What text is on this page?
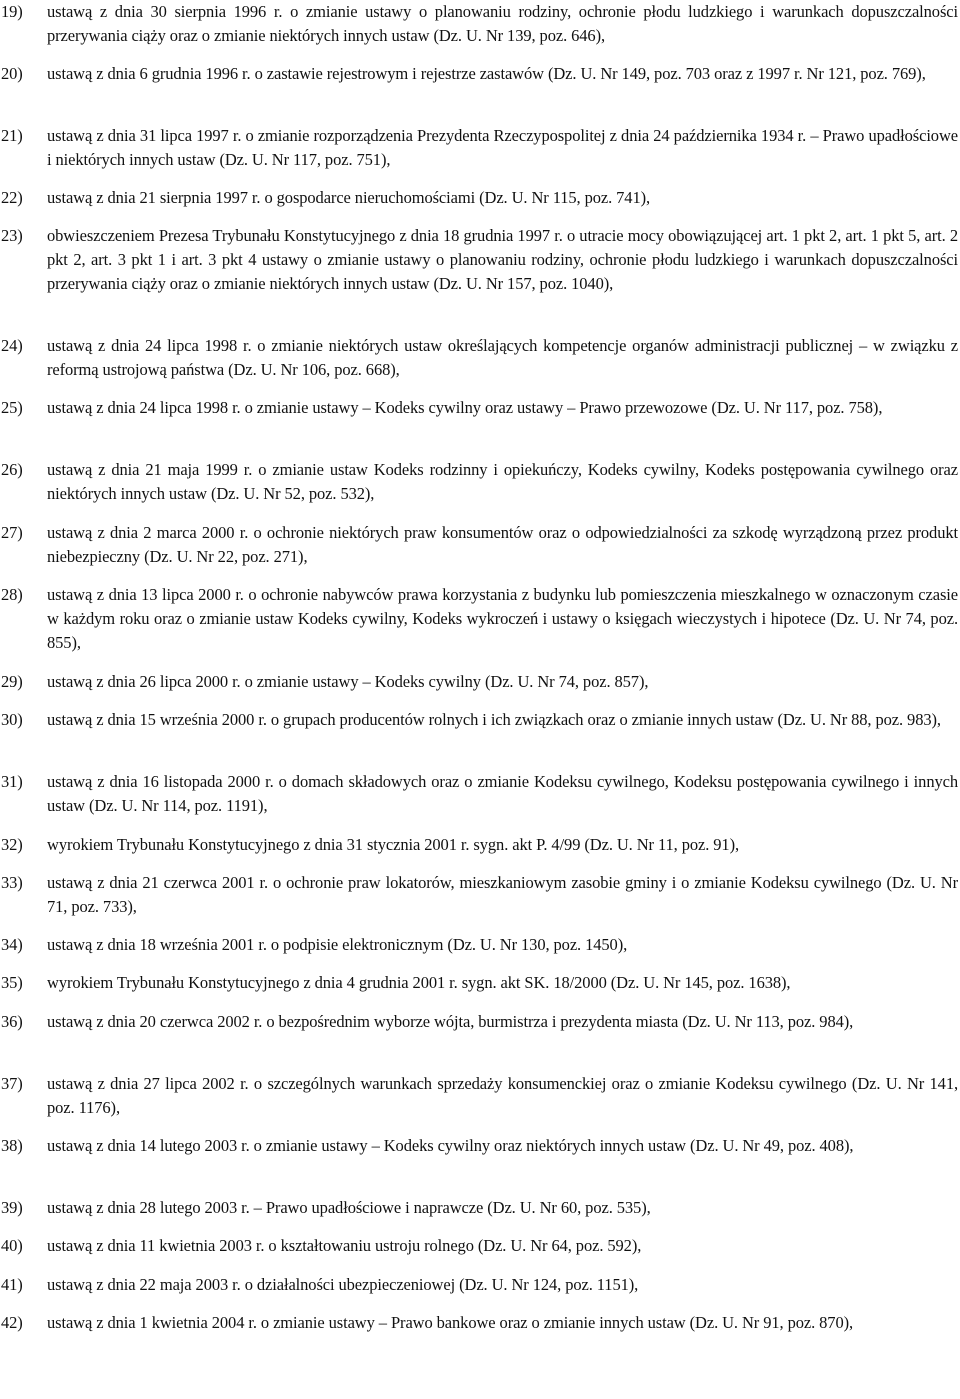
19)	ustawą z dnia 30 sierpnia 1996 r. o zmianie ustawy o planowaniu rodziny, ochronie płodu ludzkiego i warunkach dopuszczalności przerywania ciąży oraz o zmianie niektórych innych ustaw (Dz. U. Nr 139, poz. 646),
20)	ustawą z dnia 6 grudnia 1996 r. o zastawie rejestrowym i rejestrze zastawów (Dz. U. Nr 149, poz. 703 oraz z 1997 r. Nr 121, poz. 769),
21)	ustawą z dnia 31 lipca 1997 r. o zmianie rozporządzenia Prezydenta Rzeczypospolitej z dnia 24 października 1934 r. – Prawo upadłościowe i niektórych innych ustaw (Dz. U. Nr 117, poz. 751),
22)	ustawą z dnia 21 sierpnia 1997 r. o gospodarce nieruchomościami (Dz. U. Nr 115, poz. 741),
23)	obwieszczeniem Prezesa Trybunału Konstytucyjnego z dnia 18 grudnia 1997 r. o utracie mocy obowiązującej art. 1 pkt 2, art. 1 pkt 5, art. 2 pkt 2, art. 3 pkt 1 i art. 3 pkt 4 ustawy o zmianie ustawy o planowaniu rodziny, ochronie płodu ludzkiego i warunkach dopuszczalności przerywania ciąży oraz o zmianie niektórych innych ustaw (Dz. U. Nr 157, poz. 1040),
24)	ustawą z dnia 24 lipca 1998 r. o zmianie niektórych ustaw określających kompetencje organów administracji publicznej – w związku z reformą ustrojową państwa (Dz. U. Nr 106, poz. 668),
25)	ustawą z dnia 24 lipca 1998 r. o zmianie ustawy – Kodeks cywilny oraz ustawy – Prawo przewozowe (Dz. U. Nr 117, poz. 758),
26)	ustawą z dnia 21 maja 1999 r. o zmianie ustaw Kodeks rodzinny i opiekuńczy, Kodeks cywilny, Kodeks postępowania cywilnego oraz niektórych innych ustaw (Dz. U. Nr 52, poz. 532),
27)	ustawą z dnia 2 marca 2000 r. o ochronie niektórych praw konsumentów oraz o odpowiedzialności za szkodę wyrządzoną przez produkt niebezpieczny (Dz. U. Nr 22, poz. 271),
28)	ustawą z dnia 13 lipca 2000 r. o ochronie nabywców prawa korzystania z budynku lub pomieszczenia mieszkalnego w oznaczonym czasie w każdym roku oraz o zmianie ustaw Kodeks cywilny, Kodeks wykroczeń i ustawy o księgach wieczystych i hipotece (Dz. U. Nr 74, poz. 855),
29)	ustawą z dnia 26 lipca 2000 r. o zmianie ustawy – Kodeks cywilny (Dz. U. Nr 74, poz. 857),
30)	ustawą z dnia 15 września 2000 r. o grupach producentów rolnych i ich związkach oraz o zmianie innych ustaw (Dz. U. Nr 88, poz. 983),
31)	ustawą z dnia 16 listopada 2000 r. o domach składowych oraz o zmianie Kodeksu cywilnego, Kodeksu postępowania cywilnego i innych ustaw (Dz. U. Nr 114, poz. 1191),
32)	wyrokiem Trybunału Konstytucyjnego z dnia 31 stycznia 2001 r. sygn. akt P. 4/99 (Dz. U. Nr 11, poz. 91),
33)	ustawą z dnia 21 czerwca 2001 r. o ochronie praw lokatorów, mieszkaniowym zasobie gminy i o zmianie Kodeksu cywilnego (Dz. U. Nr 71, poz. 733),
34)	ustawą z dnia 18 września 2001 r. o podpisie elektronicznym (Dz. U. Nr 130, poz. 1450),
35)	wyrokiem Trybunału Konstytucyjnego z dnia 4 grudnia 2001 r. sygn. akt SK. 18/2000 (Dz. U. Nr 145, poz. 1638),
36)	ustawą z dnia 20 czerwca 2002 r. o bezpośrednim wyborze wójta, burmistrza i prezydenta miasta (Dz. U. Nr 113, poz. 984),
37)	ustawą z dnia 27 lipca 2002 r. o szczególnych warunkach sprzedaży konsumenckiej oraz o zmianie Kodeksu cywilnego (Dz. U. Nr 141, poz. 1176),
38)	ustawą z dnia 14 lutego 2003 r. o zmianie ustawy – Kodeks cywilny oraz niektórych innych ustaw (Dz. U. Nr 49, poz. 408),
39)	ustawą z dnia 28 lutego 2003 r. – Prawo upadłościowe i naprawcze (Dz. U. Nr 60, poz. 535),
40)	ustawą z dnia 11 kwietnia 2003 r. o kształtowaniu ustroju rolnego (Dz. U. Nr 64, poz. 592),
41)	ustawą z dnia 22 maja 2003 r. o działalności ubezpieczeniowej (Dz. U. Nr 124, poz. 1151),
42)	ustawą z dnia 1 kwietnia 2004 r. o zmianie ustawy – Prawo bankowe oraz o zmianie innych ustaw (Dz. U. Nr 91, poz. 870),
